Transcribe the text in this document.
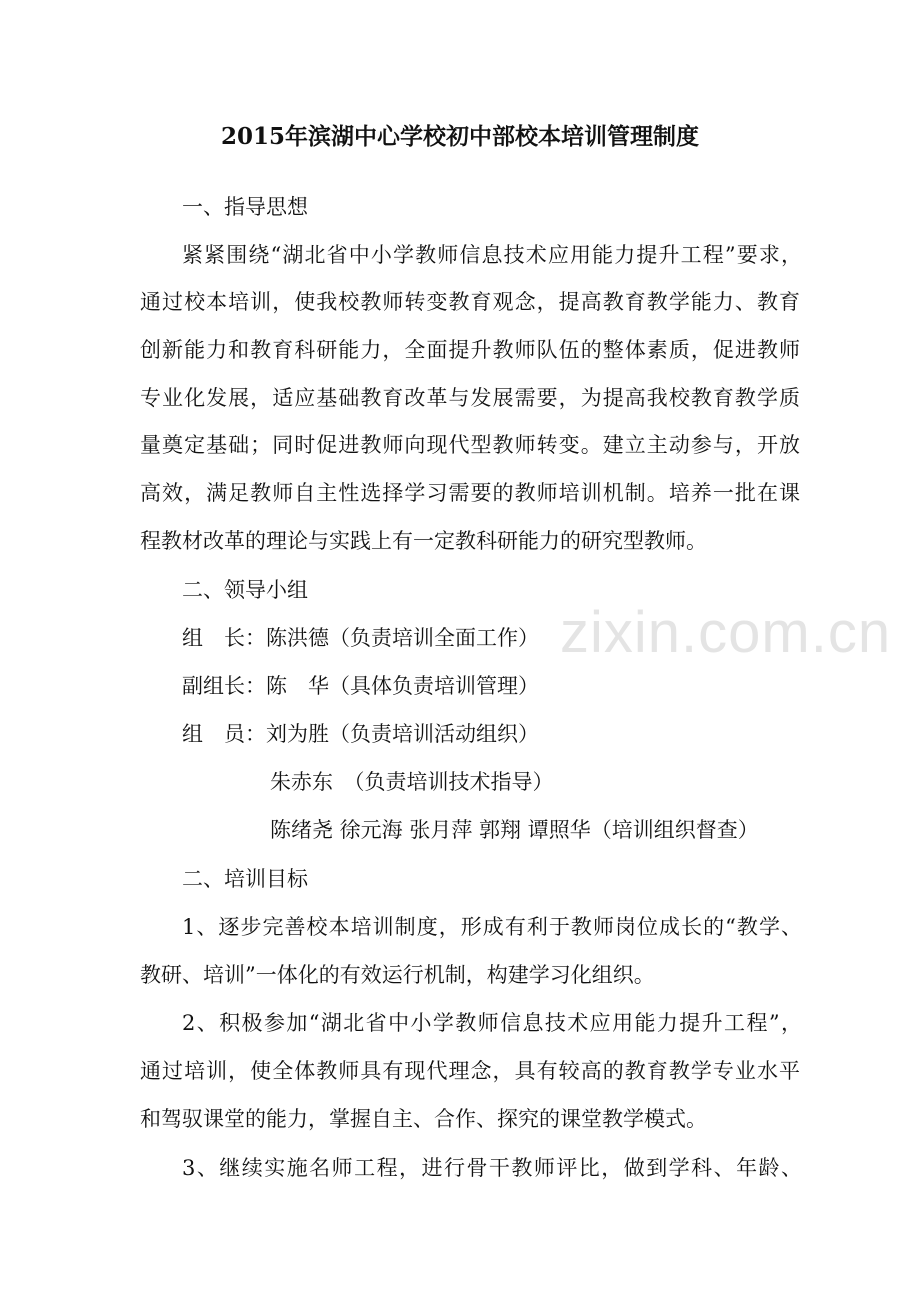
zixin.com.cn
2015年滨湖中心学校初中部校本培训管理制度
一、指导思想
紧紧围绕“湖北省中小学教师信息技术应用能力提升工程”要求，
通过校本培训，使我校教师转变教育观念，提高教育教学能力、教育
创新能力和教育科研能力，全面提升教师队伍的整体素质，促进教师
专业化发展，适应基础教育改革与发展需要，为提高我校教育教学质
量奠定基础；同时促进教师向现代型教师转变。建立主动参与，开放
高效，满足教师自主性选择学习需要的教师培训机制。培养一批在课
程教材改革的理论与实践上有一定教科研能力的研究型教师。
二、领导小组
组　长：陈洪德（负责培训全面工作）
副组长：陈　华（具体负责培训管理）
组　员：刘为胜（负责培训活动组织）
朱赤东　（负责培训技术指导）
陈绪尧 徐元海 张月萍 郭翔 谭照华（培训组织督查）
二、培训目标
1、逐步完善校本培训制度，形成有利于教师岗位成长的“教学、
教研、培训”一体化的有效运行机制，构建学习化组织。
2、积极参加“湖北省中小学教师信息技术应用能力提升工程”，
通过培训，使全体教师具有现代理念，具有较高的教育教学专业水平
和驾驭课堂的能力，掌握自主、合作、探究的课堂教学模式。
3、继续实施名师工程，进行骨干教师评比，做到学科、年龄、
